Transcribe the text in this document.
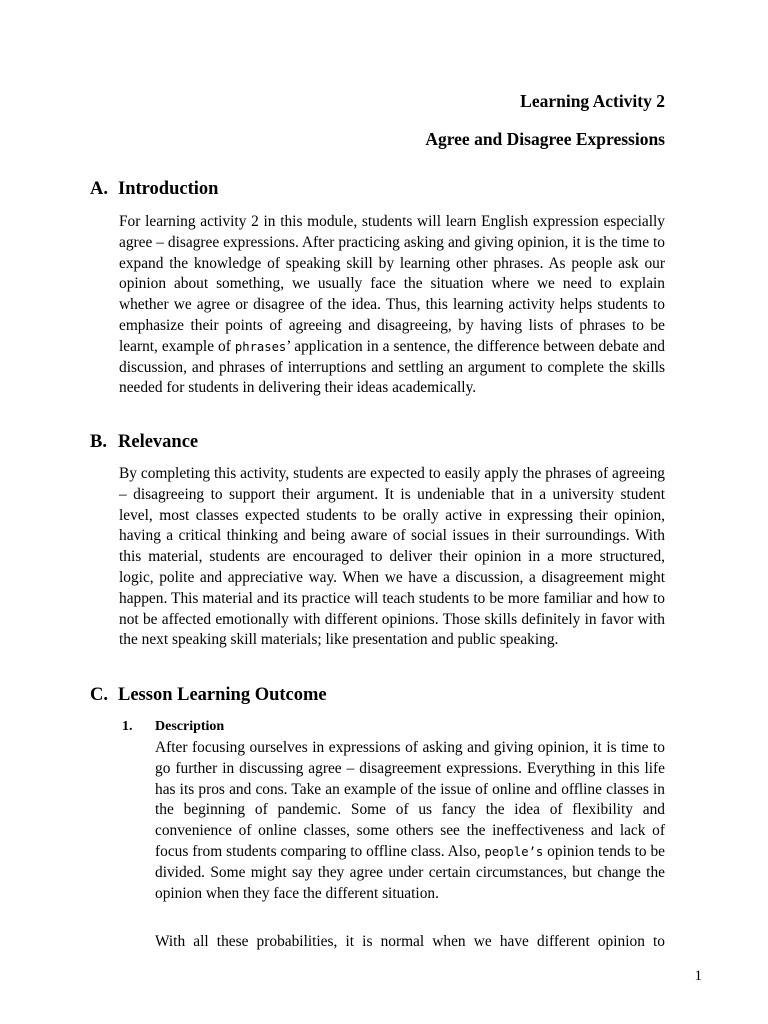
Learning Activity 2
Agree and Disagree Expressions
A. Introduction
For learning activity 2 in this module, students will learn English expression especially agree – disagree expressions. After practicing asking and giving opinion, it is the time to expand the knowledge of speaking skill by learning other phrases. As people ask our opinion about something, we usually face the situation where we need to explain whether we agree or disagree of the idea. Thus, this learning activity helps students to emphasize their points of agreeing and disagreeing, by having lists of phrases to be learnt, example of phrases’ application in a sentence, the difference between debate and discussion, and phrases of interruptions and settling an argument to complete the skills needed for students in delivering their ideas academically.
B. Relevance
By completing this activity, students are expected to easily apply the phrases of agreeing – disagreeing to support their argument. It is undeniable that in a university student level, most classes expected students to be orally active in expressing their opinion, having a critical thinking and being aware of social issues in their surroundings. With this material, students are encouraged to deliver their opinion in a more structured, logic, polite and appreciative way. When we have a discussion, a disagreement might happen. This material and its practice will teach students to be more familiar and how to not be affected emotionally with different opinions. Those skills definitely in favor with the next speaking skill materials; like presentation and public speaking.
C. Lesson Learning Outcome
1.	Description
After focusing ourselves in expressions of asking and giving opinion, it is time to go further in discussing agree – disagreement expressions. Everything in this life has its pros and cons. Take an example of the issue of online and offline classes in the beginning of pandemic. Some of us fancy the idea of flexibility and convenience of online classes, some others see the ineffectiveness and lack of focus from students comparing to offline class. Also, people’s opinion tends to be divided. Some might say they agree under certain circumstances, but change the opinion when they face the different situation.
With all these probabilities, it is normal when we have different opinion to
1
